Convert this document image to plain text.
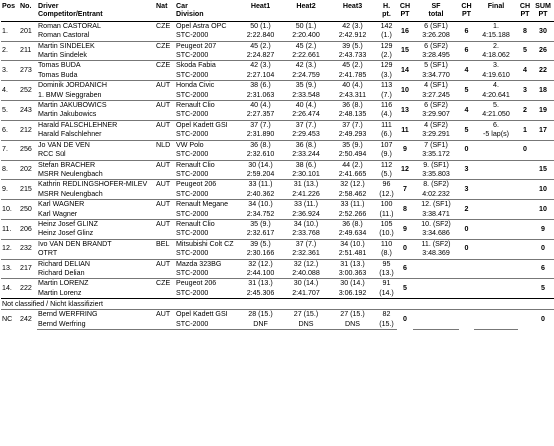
Pos	No.	Driver	Nat	Car	Heat1	Heat2	Heat3	H.	CH	SF	CH	Final	CH	SUM
		Competitor/Entrant		Division				pt.	PT	total	PT		PT	PT
1.	201	Roman CASTORAL	CZE	Opel Astra OPC	50 (1.)	50 (1.)	42 (3.)	142	16	6 (SF1)	6	1.	8	30
		Roman Castoral		STC-2000	2:22.840	2:20.400	2:42.912	(1.)		3:26.208		4:15.188		
2.	211	Martin SINDELEK	CZE	Peugeot 207	45 (2.)	45 (2.)	39 (5.)	129	15	6 (SF2)	6	2.	5	26
		Martin Sindelek		STC-2000	2:24.827	2:22.661	2:43.733	(2.)		3:28.495		4:18.062		
3.	273	Tomas BUDA	CZE	Skoda Fabia	42 (3.)	42 (3.)	45 (2.)	129	14	5 (SF1)	4	3.	4	22
		Tomas Buda		STC-2000	2:27.104	2:24.759	2:41.785	(3.)		3:34.770		4:19.610		
4.	252	Dominik JORDANICH	AUT	Honda Civic	38 (6.)	35 (9.)	40 (4.)	113	10	4 (SF1)	5	4.	3	18
		1. BMW Sieggraben		STC-2000	2:31.063	2:33.548	2:43.311	(7.)		3:27.245		4:20.641		
5.	243	Martin JAKUBOWICS	AUT	Renault Clio	40 (4.)	40 (4.)	36 (8.)	116	13	6 (SF2)	4	5.	2	19
		Martin Jakubowics		STC-2000	2:27.357	2:26.474	2:48.135	(4.)		3:29.907		4:21.050		
6.	212	Harald FALSCHLEHNER	AUT	Opel Kadett GSI	37 (7.)	37 (7.)	37 (7.)	111	11	4 (SF2)	5	6.	1	17
		Harald Falschlehner		STC-2000	2:31.890	2:29.453	2:49.293	(6.)		3:29.291		-5 lap(s)		
7.	256	Jo VAN DE VEN	NLD	VW Polo	36 (8.)	36 (8.)	35 (9.)	107	9	7 (SF1)	0		0	
		RCC Sül		STC-2000	2:32.610	2:33.244	2:50.494	(9.)		3:35.172				
8.	202	Stefan BRACHER	AUT	Renault Clio	30 (14.)	38 (6.)	44 (2.)	112	12	9. (SF1)	3			15
		MSRR Neulengbach		STC-2000	2:59.204	2:30.101	2:41.665	(5.)		3:35.803				
9.	215	Kathrin REDLINGSHOFER-MILEV	AUT	Peugeot 206	33 (11.)	31 (13.)	32 (12.)	96	7	8. (SF2)	3			10
		MSRR Neulengbach		STC-2000	2:40.362	2:41.226	2:58.462	(12.)		4:02.232				
10.	250	Karl WAGNER	AUT	Renault Megane	34 (10.)	33 (11.)	33 (11.)	100	8	12. (SF1)	2			10
		Karl Wagner		STC-2000	2:34.752	2:36.924	2:52.266	(11.)		3:38.471				
11.	206	Heinz Josef GLINZ	AUT	Renault Clio	35 (9.)	34 (10.)	36 (8.)	105	9	10. (SF2)	0			9
		Heinz Josef Glinz		STC-2000	2:32.617	2:33.768	2:49.634	(10.)		3:34.686				
12.	232	Ivo VAN DEN BRANDT	BEL	Mitsubishi Colt CZ	39 (5.)	37 (7.)	34 (10.)	110	0	11. (SF2)	0			0
		OTRT		STC-2000	2:30.166	2:32.361	2:51.481	(8.)		3:48.369				
13.	217	Richard DELIAN	AUT	Mazda 323BG	32 (12.)	32 (12.)	31 (13.)	95	6					6
		Richard Delian		STC-2000	2:44.100	2:40.088	3:00.363	(13.)						
14.	222	Martin LORENZ	CZE	Peugeot 206	31 (13.)	30 (14.)	30 (14.)	91	5					5
		Martin Lorenz		STC-2000	2:45.306	2:41.707	3:06.192	(14.)						
Not classified / Nicht klassifiziert														
NC	242	Bernd WERFRING	AUT	Opel Kadett GSI	28 (15.)	27 (15.)	27 (15.)	82	0					0
		Bernd Werfring		STC-2000	DNF	DNS	DNS	(15.)						
